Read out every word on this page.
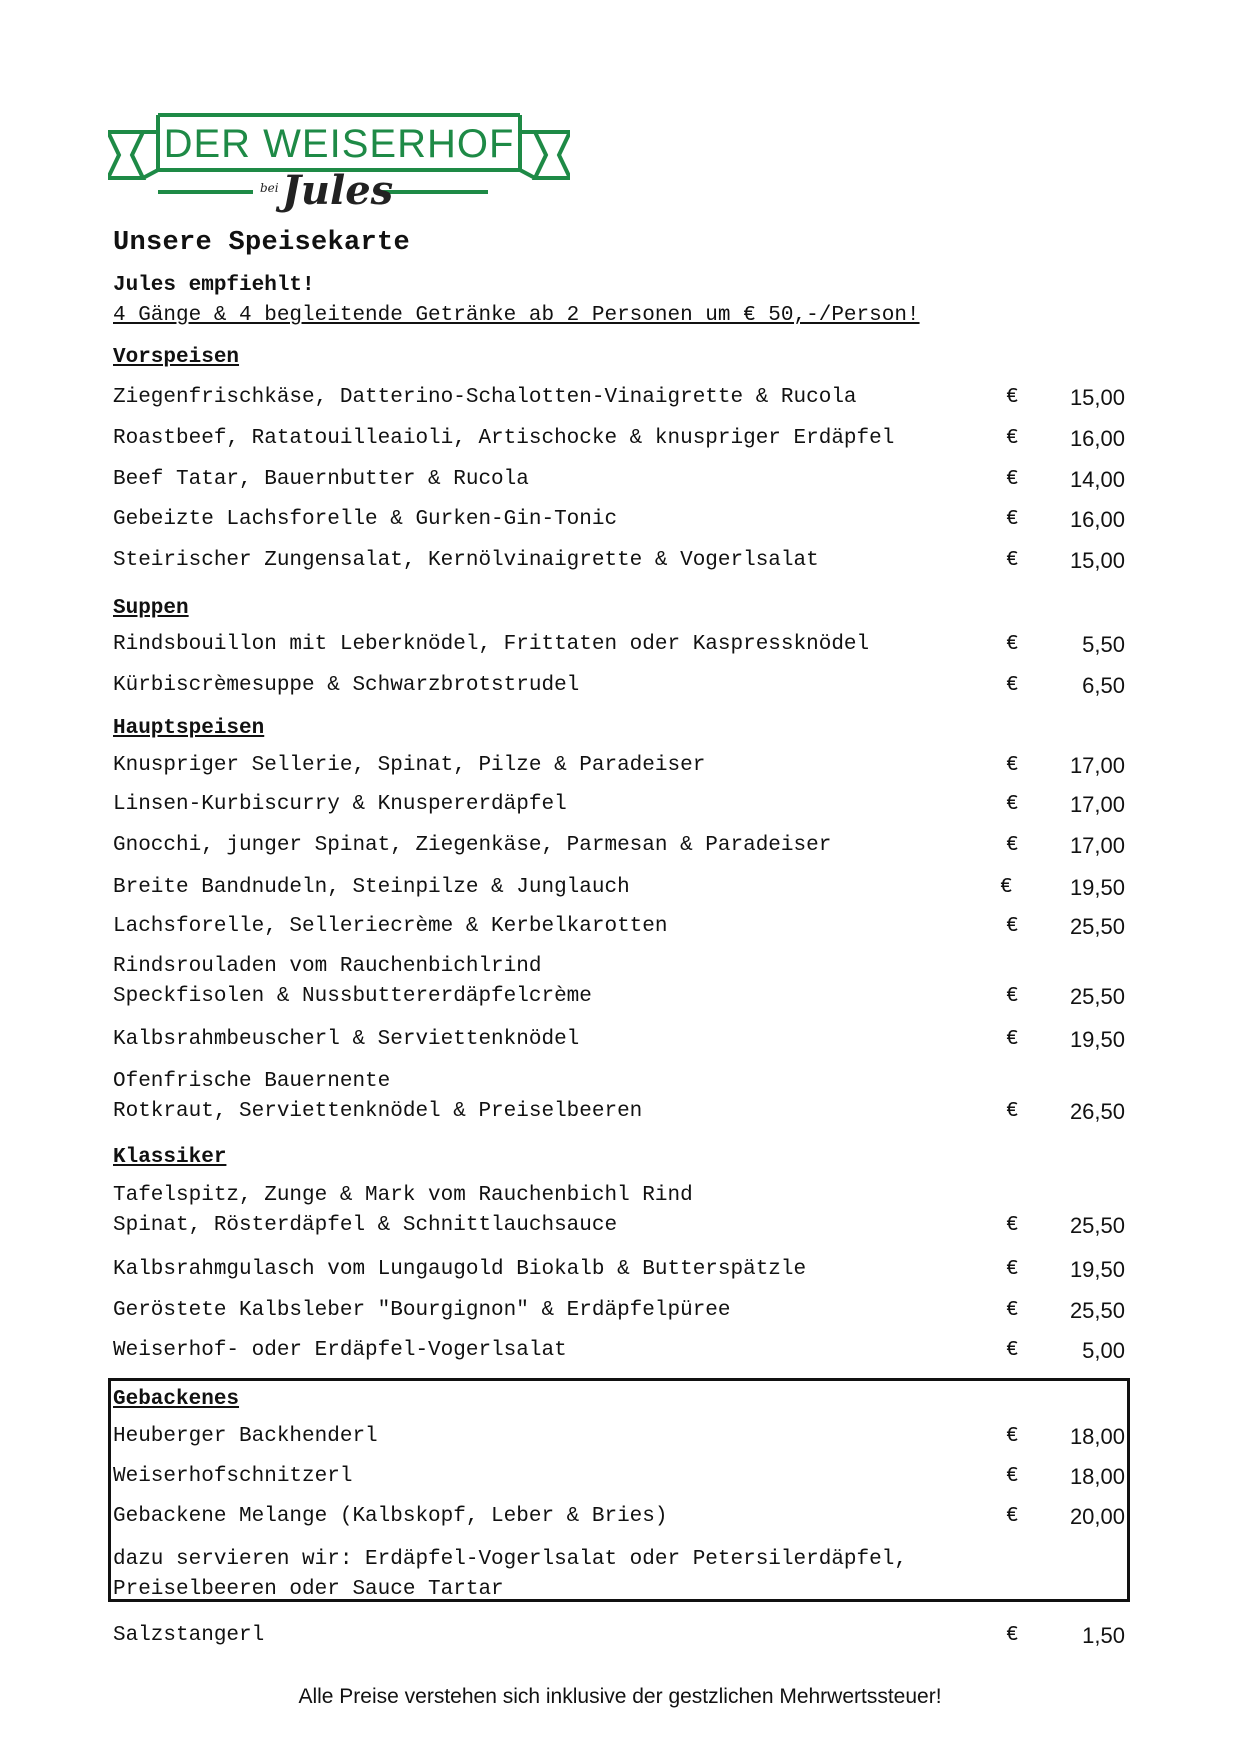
DER WEISERHOF
bei Jules
Unsere Speisekarte
Jules empfiehlt!
4 Gänge & 4 begleitende Getränke ab 2 Personen um € 50,-/Person!
Vorspeisen
Suppen
Hauptspeisen
Klassiker
Gebackenes
Ziegenfrischkäse, Datterino-Schalotten-Vinaigrette & Rucola	€ 15,00
Roastbeef, Ratatouilleaioli, Artischocke & knuspriger Erdäpfel	€ 16,00
Beef Tatar, Bauernbutter & Rucola	€ 14,00
Gebeizte Lachsforelle & Gurken-Gin-Tonic	€ 16,00
Steirischer Zungensalat, Kernölvinaigrette & Vogerlsalat	€ 15,00
Rindsbouillon mit Leberknödel, Frittaten oder Kaspressknödel	€	5,50
Kürbiscrèmesuppe & Schwarzbrotstrudel	€	6,50
Knuspriger Sellerie, Spinat, Pilze & Paradeiser	€ 17,00
Linsen-Kurbiscurry & Knuspererdäpfel	€ 17,00
Gnocchi, junger Spinat, Ziegenkäse, Parmesan & Paradeiser	€ 17,00
Breite Bandnudeln, Steinpilze & Junglauch	€	19,50
Lachsforelle, Selleriecrème & Kerbelkarotten	€ 25,50
Rindsrouladen vom Rauchenbichlrind
Speckfisolen & Nussbuttererdäpfelcrème	€ 25,50
Kalbsrahmbeuscherl & Serviettenknödel	€ 19,50
Ofenfrische Bauernente
Rotkraut, Serviettenknödel & Preiselbeeren	€ 26,50
Tafelspitz, Zunge & Mark vom Rauchenbichl Rind
Spinat, Rösterdäpfel & Schnittlauchsauce	€ 25,50
Kalbsrahmgulasch vom Lungaugold Biokalb & Butterspätzle	€ 19,50
Geröstete Kalbsleber "Bourgignon" & Erdäpfelpüree	€ 25,50
Weiserhof- oder Erdäpfel-Vogerlsalat	€	5,00
Heuberger Backhenderl	€ 18,00
Weiserhofschnitzerl	€ 18,00
Gebackene Melange (Kalbskopf, Leber & Bries)	€ 20,00
dazu servieren wir: Erdäpfel-Vogerlsalat oder Petersilerdäpfel,
Preiselbeeren oder Sauce Tartar
Salzstangerl	€	1,50
Alle Preise verstehen sich inklusive der gestzlichen Mehrwertssteuer!
